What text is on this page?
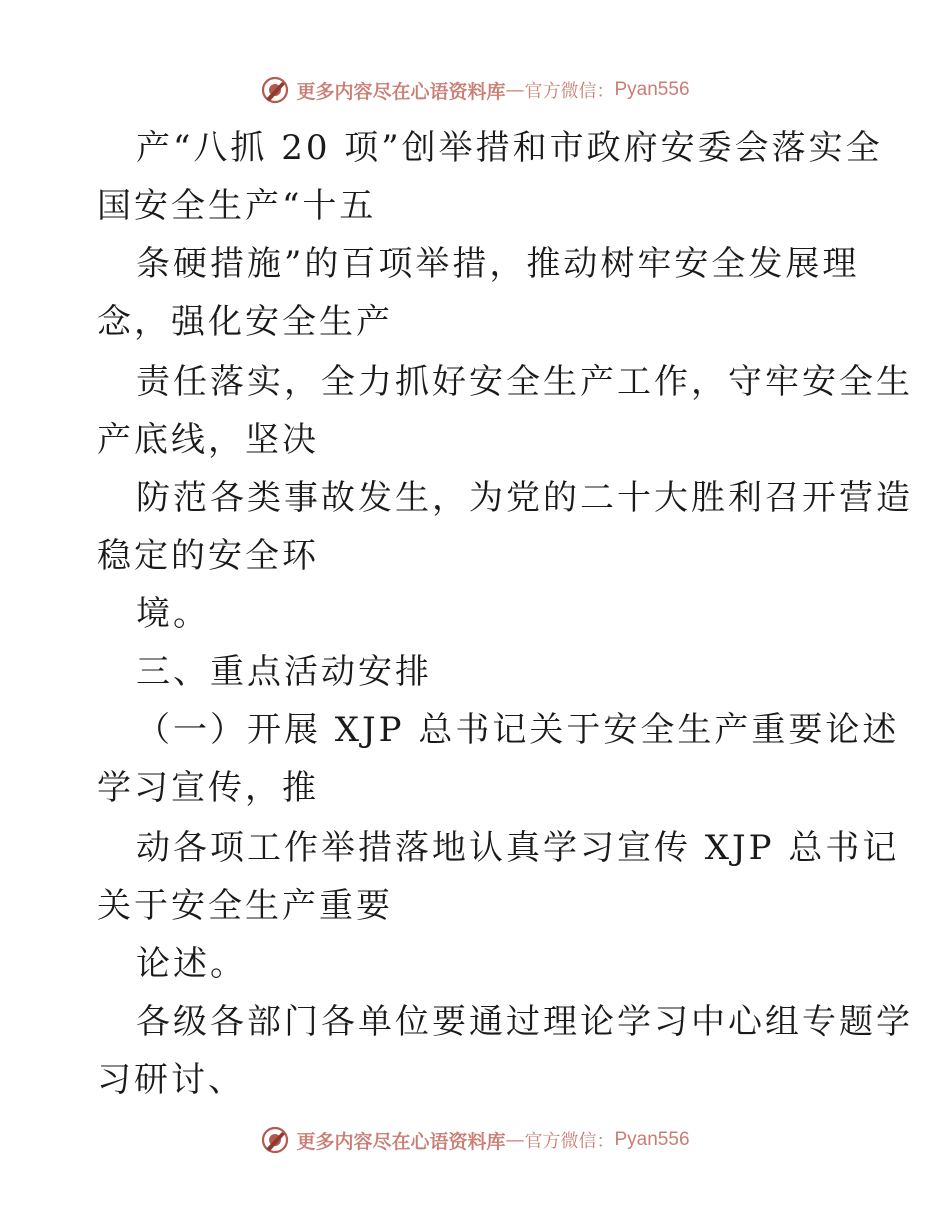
更多内容尽在心语资料库 — 官方微信： Pyan556
产“八抓 20 项”创举措和市政府安委会落实全
国安全生产“十五
条硬措施”的百项举措，推动树牢安全发展理
念，强化安全生产
责任落实，全力抓好安全生产工作，守牢安全生
产底线，坚决
防范各类事故发生，为党的二十大胜利召开营造
稳定的安全环
境。
三、重点活动安排
（一）开展 XJP 总书记关于安全生产重要论述
学习宣传，推
动各项工作举措落地认真学习宣传 XJP 总书记
关于安全生产重要
论述。
各级各部门各单位要通过理论学习中心组专题学
习研讨、
更多内容尽在心语资料库 — 官方微信： Pyan556
